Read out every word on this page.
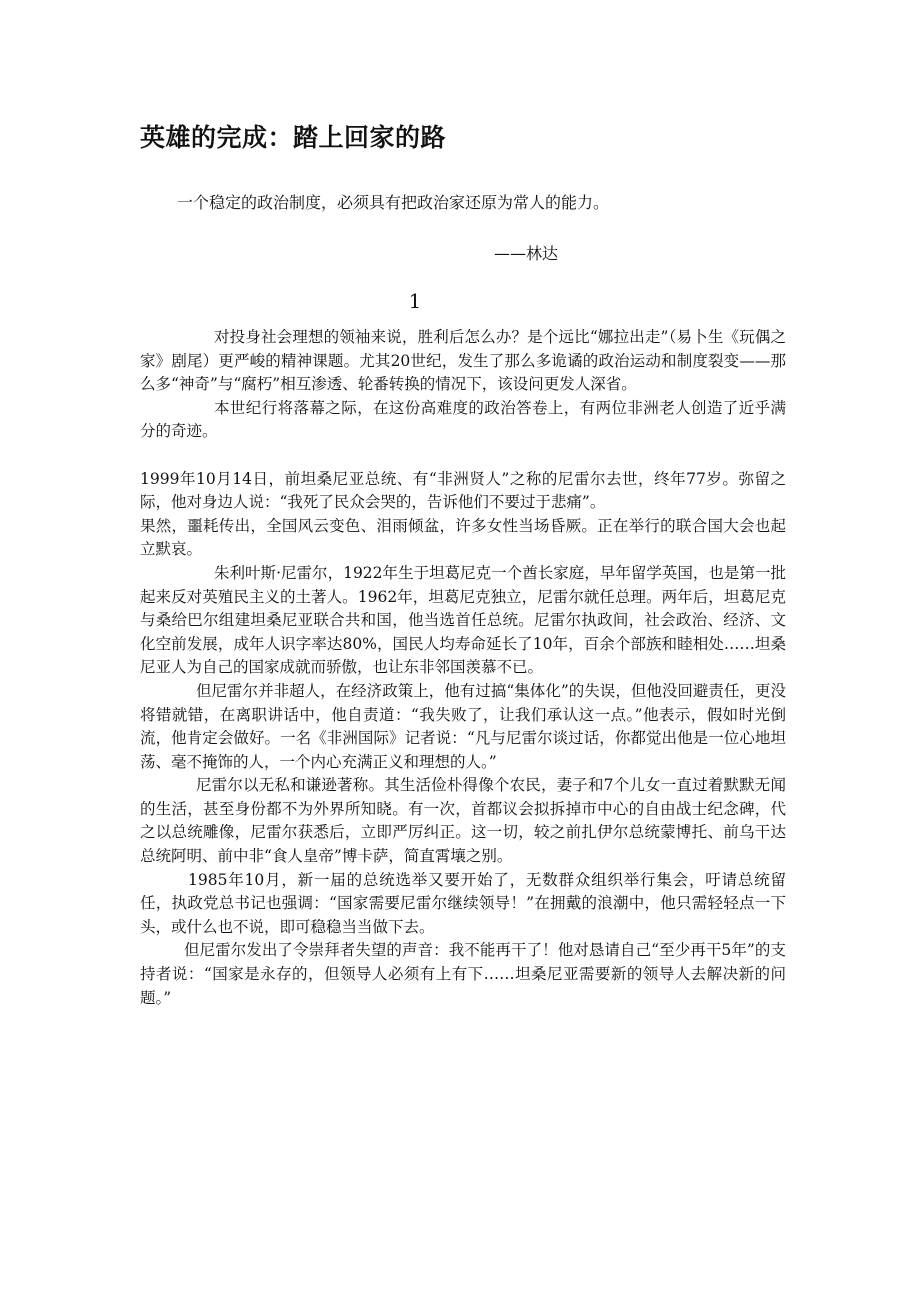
英雄的完成：踏上回家的路

一个稳定的政治制度，必须具有把政治家还原为常人的能力。

——林达

1

对投身社会理想的领袖来说，胜利后怎么办？是个远比“娜拉出走”（易卜生《玩偶之家》剧尾）更严峻的精神课题。尤其20世纪，发生了那么多诡谲的政治运动和制度裂变——那么多“神奇”与“腐朽”相互渗透、轮番转换的情况下，该设问更发人深省。

本世纪行将落幕之际，在这份高难度的政治答卷上，有两位非洲老人创造了近乎满分的奇迹。

1999年10月14日，前坦桑尼亚总统、有“非洲贤人”之称的尼雷尔去世，终年77岁。弥留之际，他对身边人说：“我死了民众会哭的，告诉他们不要过于悲痛”。

果然，噩耗传出，全国风云变色、泪雨倾盆，许多女性当场昏厥。正在举行的联合国大会也起立默哀。

朱利叶斯·尼雷尔，1922年生于坦葛尼克一个酋长家庭，早年留学英国，也是第一批起来反对英殖民主义的土著人。1962年，坦葛尼克独立，尼雷尔就任总理。两年后，坦葛尼克与桑给巴尔组建坦桑尼亚联合共和国，他当选首任总统。尼雷尔执政间，社会政治、经济、文化空前发展，成年人识字率达80%，国民人均寿命延长了10年，百余个部族和睦相处……坦桑尼亚人为自己的国家成就而骄傲，也让东非邻国羡慕不已。

但尼雷尔并非超人，在经济政策上，他有过搞“集体化”的失误，但他没回避责任，更没将错就错，在离职讲话中，他自责道：“我失败了，让我们承认这一点。”他表示，假如时光倒流，他肯定会做好。一名《非洲国际》记者说：“凡与尼雷尔谈过话，你都觉出他是一位心地坦荡、毫不掩饰的人，一个内心充满正义和理想的人。”

尼雷尔以无私和谦逊著称。其生活俭朴得像个农民，妻子和7个儿女一直过着默默无闻的生活，甚至身份都不为外界所知晓。有一次，首都议会拟拆掉市中心的自由战士纪念碑，代之以总统雕像，尼雷尔获悉后，立即严厉纠正。这一切，较之前扎伊尔总统蒙博托、前乌干达总统阿明、前中非“食人皇帝”博卡萨，简直霄壤之别。

1985年10月，新一届的总统选举又要开始了，无数群众组织举行集会，吁请总统留任，执政党总书记也强调：“国家需要尼雷尔继续领导！”在拥戴的浪潮中，他只需轻轻点一下头，或什么也不说，即可稳稳当当做下去。

但尼雷尔发出了令崇拜者失望的声音：我不能再干了！他对恳请自己“至少再干5年”的支持者说：“国家是永存的，但领导人必须有上有下……坦桑尼亚需要新的领导人去解决新的问题。”
